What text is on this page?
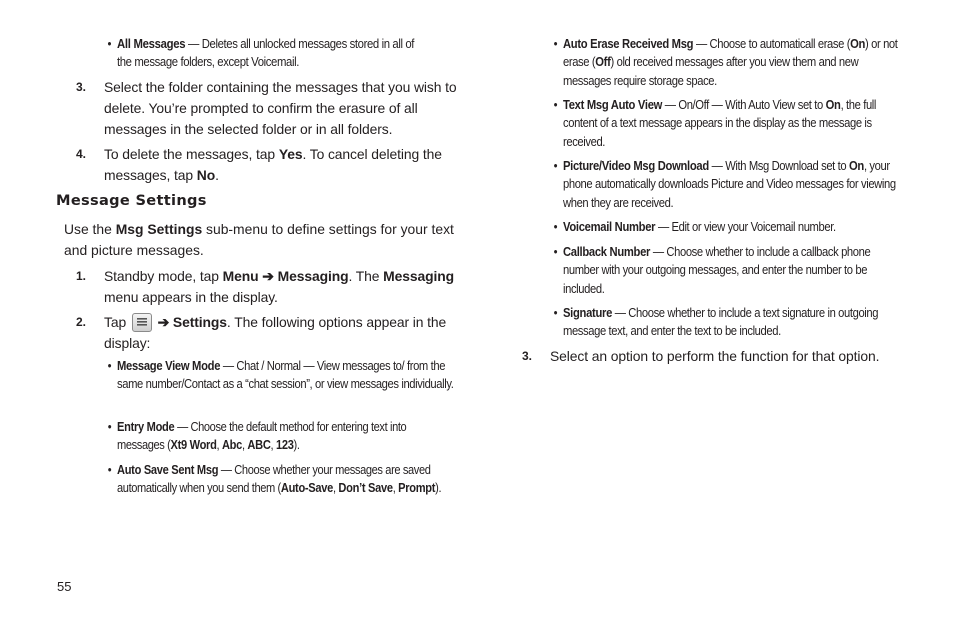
• All Messages — Deletes all unlocked messages stored in all of the message folders, except Voicemail.
3. Select the folder containing the messages that you wish to delete. You’re prompted to confirm the erasure of all messages in the selected folder or in all folders.
4. To delete the messages, tap Yes. To cancel deleting the messages, tap No.
Message Settings
Use the Msg Settings sub-menu to define settings for your text and picture messages.
1. Standby mode, tap Menu ➔ Messaging. The Messaging menu appears in the display.
2. Tap
➔ Settings. The following options appear in the display:
• Message View Mode — Chat / Normal — View messages to/ from the same number/Contact as a “chat session”, or view messages individually.
• Entry Mode — Choose the default method for entering text into messages (Xt9 Word, Abc, ABC, 123).
• Auto Save Sent Msg — Choose whether your messages are saved automatically when you send them (Auto-Save, Don’t Save, Prompt).
• Auto Erase Received Msg — Choose to automaticall erase (On) or not erase (Off) old received messages after you view them and new messages require storage space.
• Text Msg Auto View — On/Off — With Auto View set to On, the full content of a text message appears in the display as the message is received.
• Picture/Video Msg Download — With Msg Download set to On, your phone automatically downloads Picture and Video messages for viewing when they are received.
• Voicemail Number — Edit or view your Voicemail number.
• Callback Number — Choose whether to include a callback phone number with your outgoing messages, and enter the number to be included.
• Signature — Choose whether to include a text signature in outgoing message text, and enter the text to be included.
3. Select an option to perform the function for that option.
55
